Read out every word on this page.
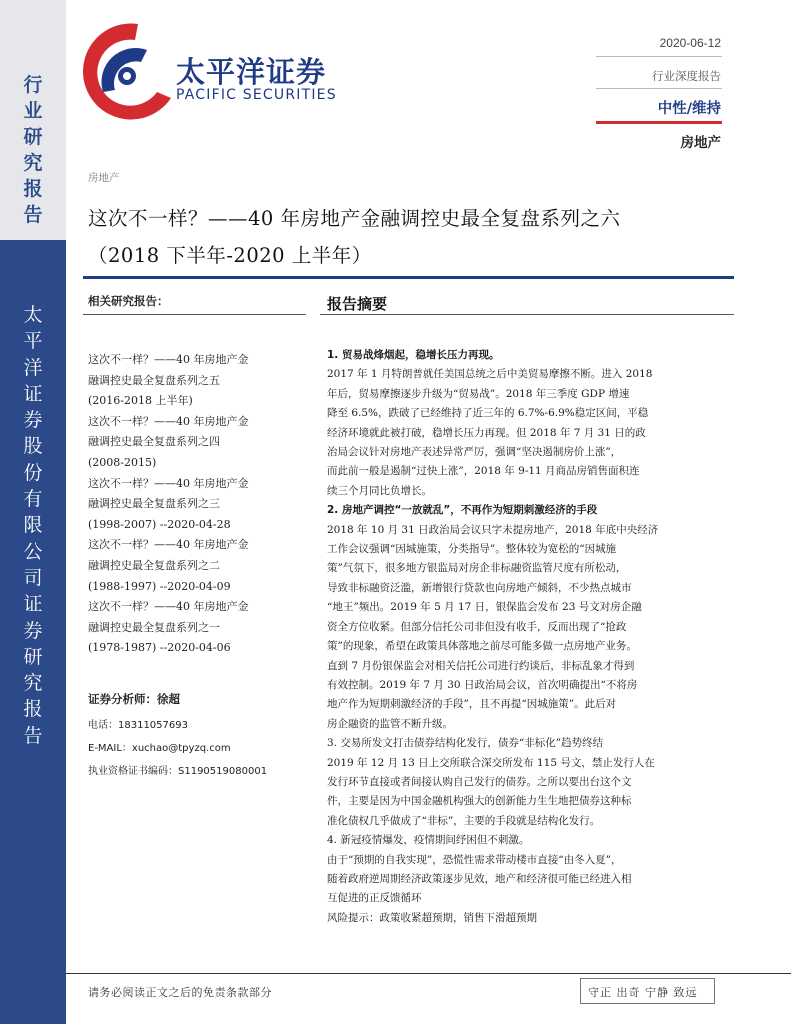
行
业
研
究
报
告
太
平
洋
证
券
股
份
有
限
公
司
证
券
研
究
报
告
太平洋证券
PACIFIC SECURITIES
2020-06-12
行业深度报告
中性/维持
房地产
房地产
这次不一样？——40 年房地产金融调控史最全复盘系列之六
（2018 下半年-2020 上半年）
相关研究报告：
这次不一样？——40 年房地产金
融调控史最全复盘系列之五
(2016-2018 上半年)
这次不一样？——40 年房地产金
融调控史最全复盘系列之四
(2008-2015)
这次不一样？——40 年房地产金
融调控史最全复盘系列之三
(1998-2007) --2020-04-28
这次不一样？——40 年房地产金
融调控史最全复盘系列之二
(1988-1997) --2020-04-09
这次不一样？——40 年房地产金
融调控史最全复盘系列之一
(1978-1987) --2020-04-06
证券分析师：徐超
电话：18311057693
E-MAIL：xuchao@tpyzq.com
执业资格证书编码：S1190519080001
报告摘要
1. 贸易战烽烟起，稳增长压力再现。
2017 年 1 月特朗普就任美国总统之后中美贸易摩擦不断。进入 2018
年后，贸易摩擦逐步升级为“贸易战”。2018 年三季度 GDP 增速
降至 6.5%，跌破了已经维持了近三年的 6.7%-6.9%稳定区间，平稳
经济环境就此被打破，稳增长压力再现。但 2018 年 7 月 31 日的政
治局会议针对房地产表述异常严厉，强调“坚决遏制房价上涨”，
而此前一般是遏制“过快上涨”，2018 年 9-11 月商品房销售面积连
续三个月同比负增长。
2. 房地产调控“一放就乱”，不再作为短期刺激经济的手段
2018 年 10 月 31 日政治局会议只字未提房地产，2018 年底中央经济
工作会议强调“因城施策，分类指导”。整体较为宽松的“因城施
策”气氛下，很多地方银监局对房企非标融资监管尺度有所松动，
导致非标融资泛滥，新增银行贷款也向房地产倾斜，不少热点城市
“地王”频出。2019 年 5 月 17 日，银保监会发布 23 号文对房企融
资全方位收紧。但部分信托公司非但没有收手，反而出现了“抢政
策”的现象，希望在政策具体落地之前尽可能多做一点房地产业务。
直到 7 月份银保监会对相关信托公司进行约谈后，非标乱象才得到
有效控制。2019 年 7 月 30 日政治局会议，首次明确提出“不将房
地产作为短期刺激经济的手段”，且不再提“因城施策”。此后对
房企融资的监管不断升级。
3. 交易所发文打击债券结构化发行，债券“非标化”趋势终结
2019 年 12 月 13 日上交所联合深交所发布 115 号文，禁止发行人在
发行环节直接或者间接认购自己发行的债券。之所以要出台这个文
件，主要是因为中国金融机构强大的创新能力生生地把债券这种标
准化债权几乎做成了“非标”，主要的手段就是结构化发行。
4. 新冠疫情爆发，疫情期间纾困但不刺激。
由于“预期的自我实现”，恐慌性需求带动楼市直接“由冬入夏”，
随着政府逆周期经济政策逐步见效，地产和经济很可能已经进入相
互促进的正反馈循环
风险提示：政策收紧超预期，销售下滑超预期
请务必阅读正文之后的免责条款部分	守正 出奇 宁静 致远
